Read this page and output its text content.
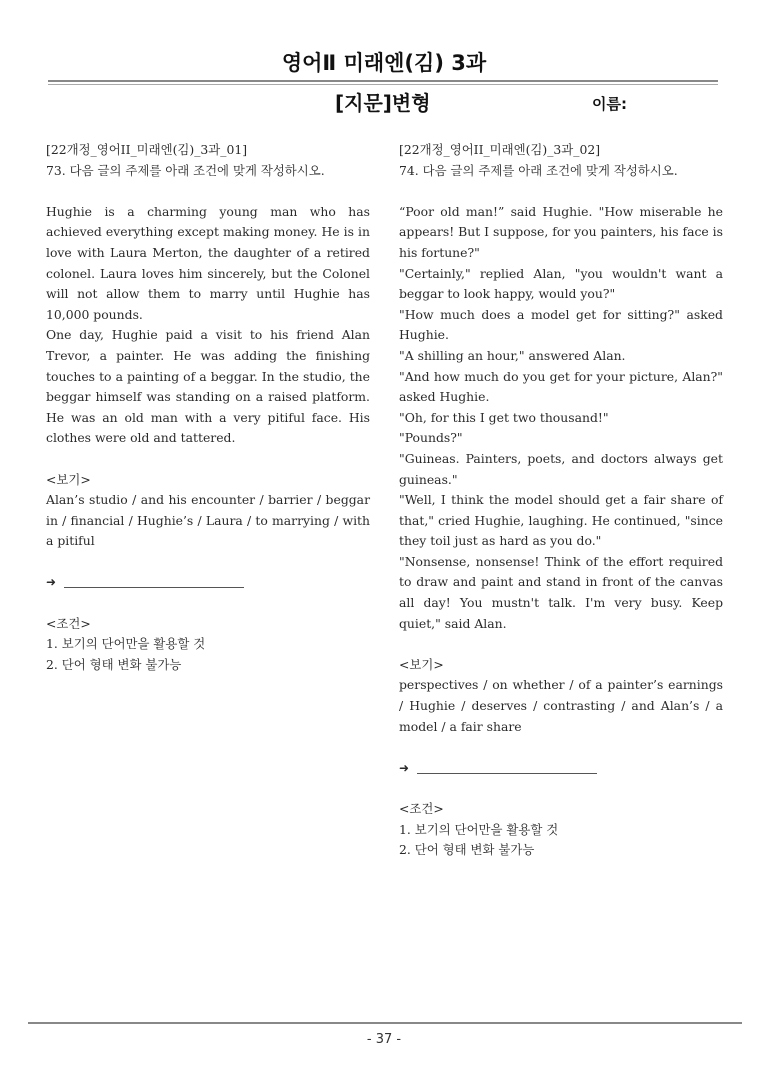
영어Ⅱ 미래엔(김) 3과
[지문]변형	이름:

[22개정_영어II_미래엔(김)_3과_01]

73. 다음 글의 주제를 아래 조건에 맞게 작성하시오.

Hughie is a charming young man who has achieved everything except making money. He is in love with Laura Merton, the daughter of a retired colonel. Laura loves him sincerely, but the Colonel will not allow them to marry until Hughie has 10,000 pounds.

One day, Hughie paid a visit to his friend Alan Trevor, a painter. He was adding the finishing touches to a painting of a beggar. In the studio, the beggar himself was standing on a raised platform. He was an old man with a very pitiful face. His clothes were old and tattered.

<보기>

Alan’s studio / and his encounter / barrier / beggar in / financial / Hughie’s / Laura / to marrying / with a pitiful

➜

<조건>

1. 보기의 단어만을 활용할 것

2. 단어 형태 변화 불가능

[22개정_영어II_미래엔(김)_3과_02]

74. 다음 글의 주제를 아래 조건에 맞게 작성하시오.

“Poor old man!” said Hughie. "How miserable he appears! But I suppose, for you painters, his face is his fortune?"

"Certainly," replied Alan, "you wouldn't want a beggar to look happy, would you?"

"How much does a model get for sitting?" asked Hughie.

"A shilling an hour," answered Alan.

"And how much do you get for your picture, Alan?" asked Hughie.

"Oh, for this I get two thousand!"

"Pounds?"

"Guineas. Painters, poets, and doctors always get guineas."

"Well, I think the model should get a fair share of that," cried Hughie, laughing. He continued, "since they toil just as hard as you do."

"Nonsense, nonsense! Think of the effort required to draw and paint and stand in front of the canvas all day! You mustn't talk. I'm very busy. Keep quiet," said Alan.

<보기>

perspectives / on whether / of a painter’s earnings / Hughie / deserves / contrasting / and Alan’s / a model / a fair share

➜

<조건>

1. 보기의 단어만을 활용할 것

2. 단어 형태 변화 불가능

- 37 -
